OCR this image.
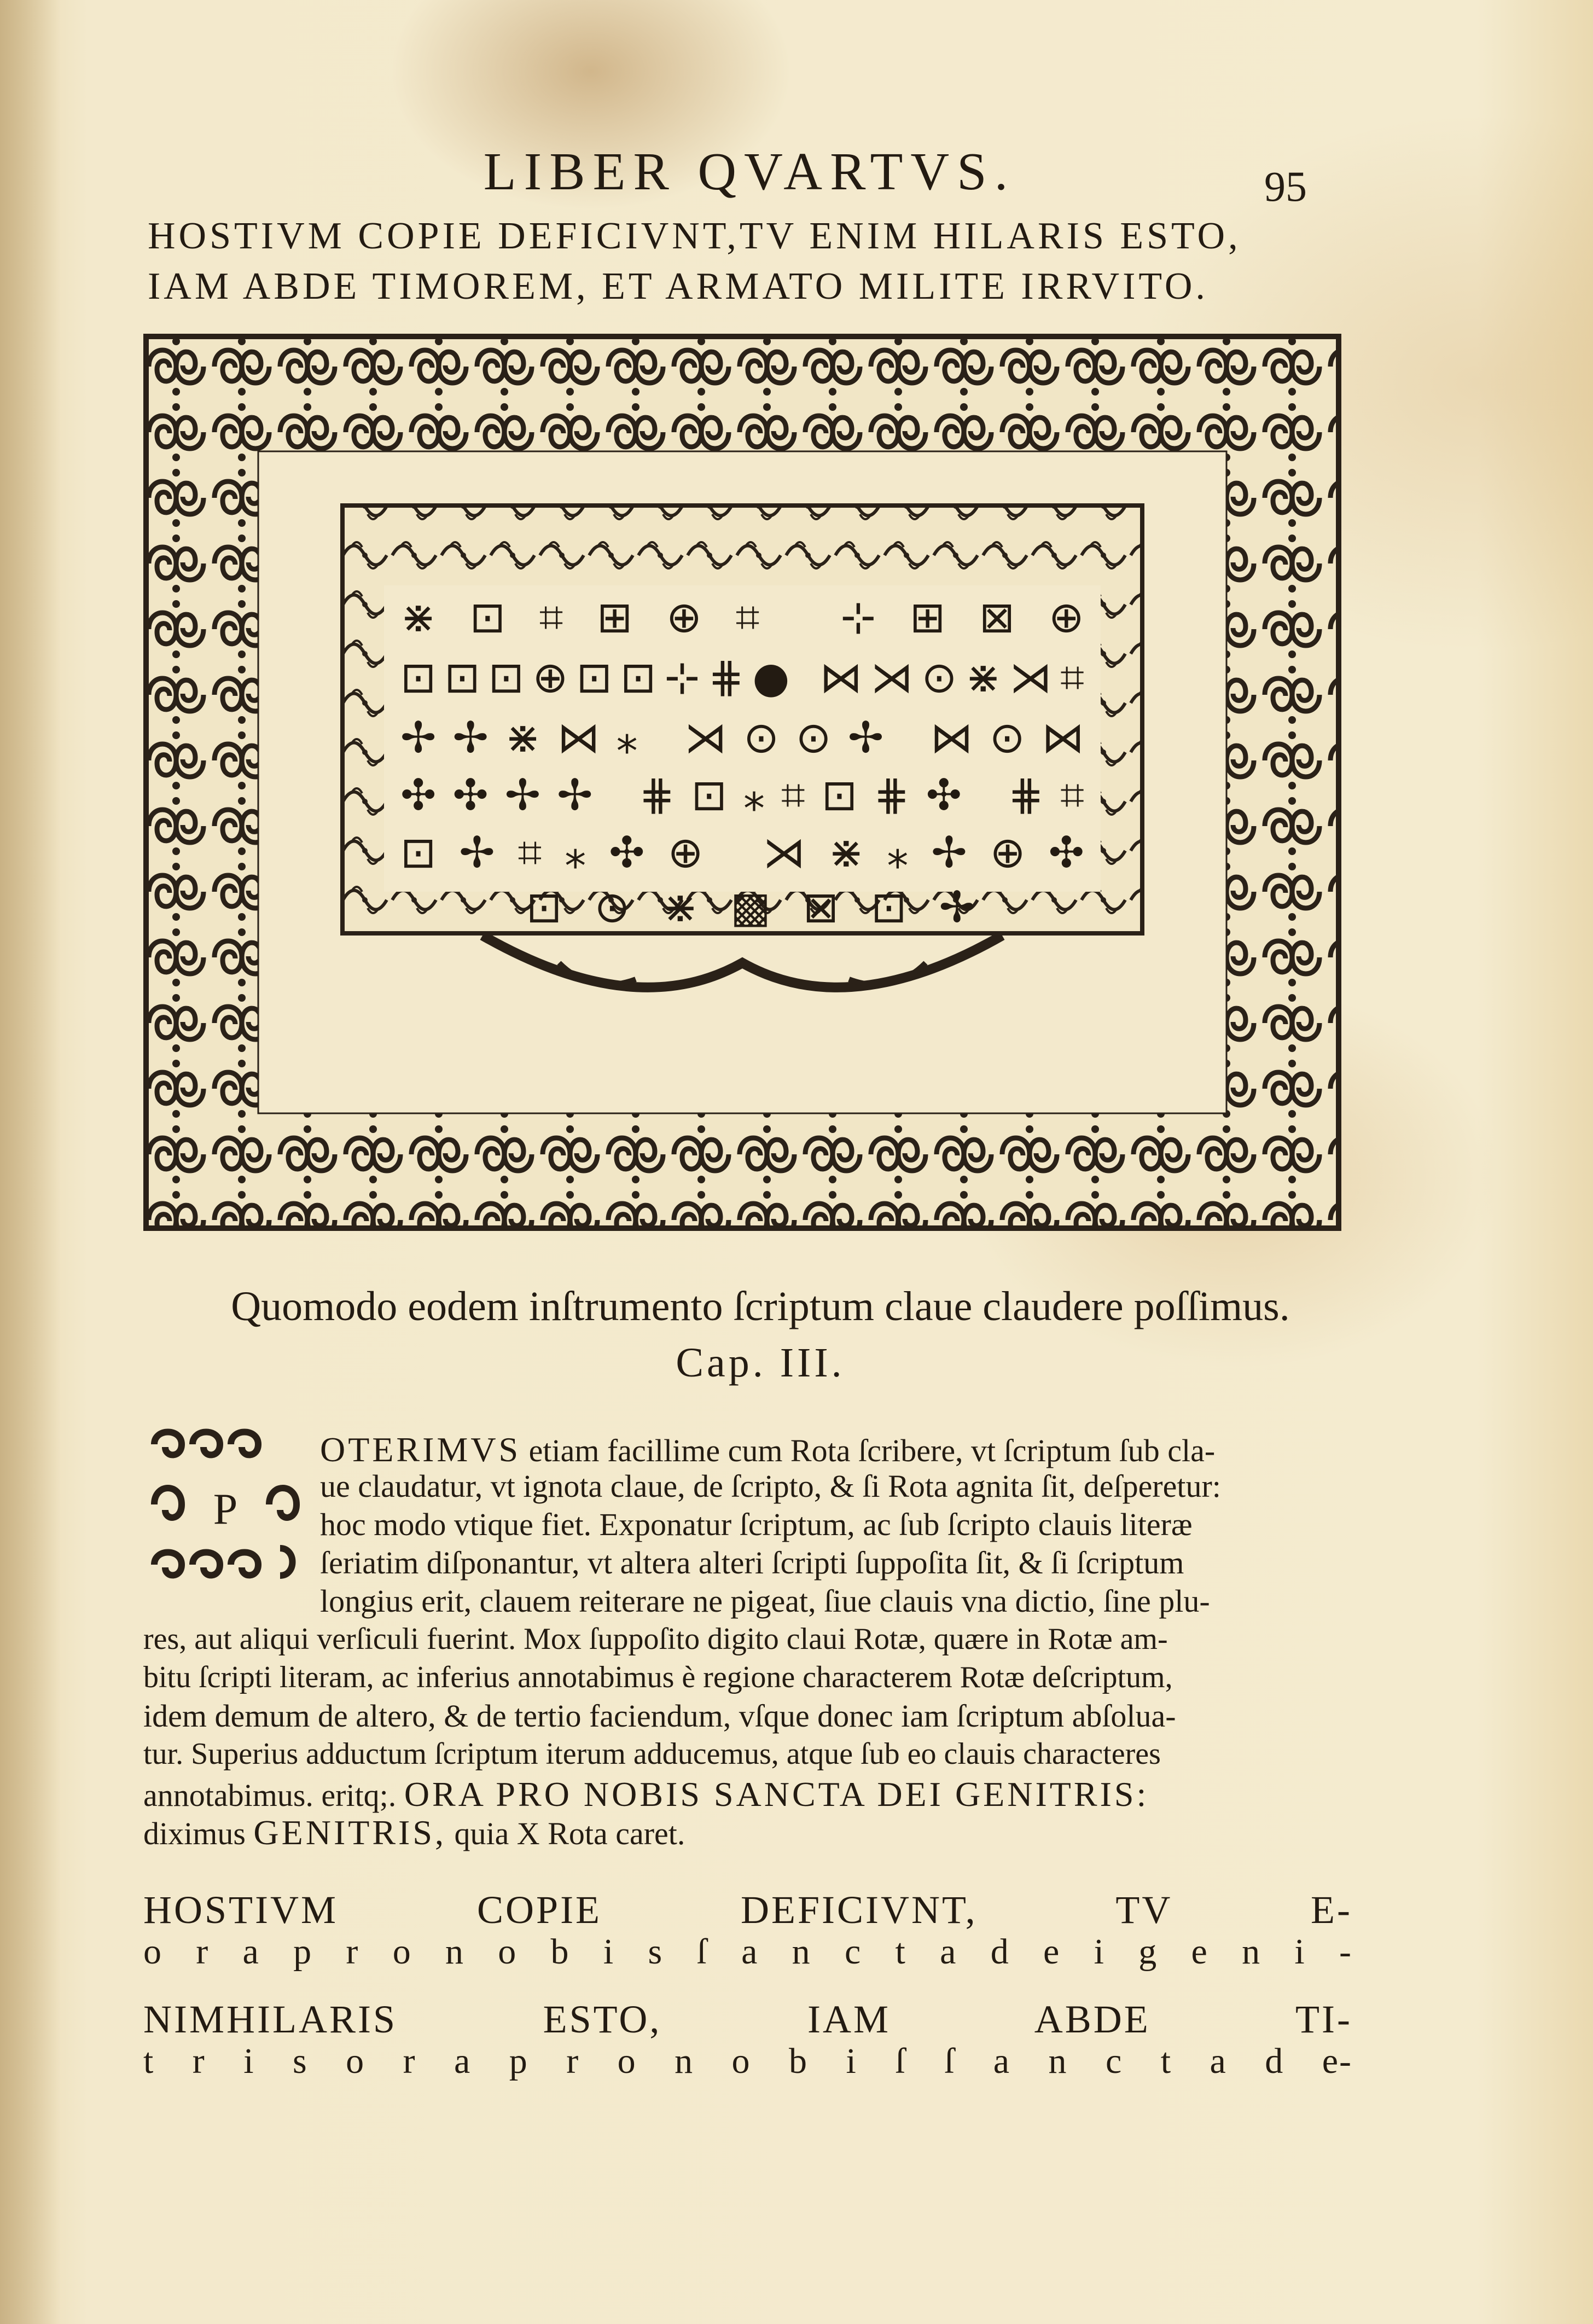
LIBER QVARTVS.	95
HOSTIVM COPIE DEFICIVNT,TV ENIM HILARIS ESTO,
IAM ABDE TIMOREM, ET ARMATO MILITE IRRVITO.
⋇⊡⌗⊞⊕⌗ ⊹⊞⊠⊕
⊡⊡⊡⊕⊡⊡⊹⋕● ⋈⋊⊙⋇⋊⌗
✢✢⋇⋈⁎ ⋊⊙⊙✢ ⋈⊙⋈
✣✣✢✢ ⋕⊡⁎⌗⊡⋕✣ ⋕⌗
⊡✢⌗⁎✣⊕ ⋊⋇⁎✢⊕✣
⊡⊙⋇▩⊠⊡✢
Quomodo eodem inſtrumento ſcriptum claue claudere poſſimus.
Cap. III.
P
OTERIMVS etiam facillime cum Rota ſcribere, vt ſcriptum ſub cla-
ue claudatur, vt ignota claue, de ſcripto, & ſi Rota agnita ſit, deſperetur:
hoc modo vtique fiet. Exponatur ſcriptum, ac ſub ſcripto clauis literæ
ſeriatim diſponantur, vt altera alteri ſcripti ſuppoſita ſit, & ſi ſcriptum
longius erit, clauem reiterare ne pigeat, ſiue clauis vna dictio, ſine plu-
res, aut aliqui verſiculi fuerint. Mox ſuppoſito digito claui Rotæ, quære in Rotæ am-
bitu ſcripti literam, ac inferius annotabimus è regione characterem Rotæ deſcriptum,
idem demum de altero, & de tertio faciendum, vſque donec iam ſcriptum abſolua-
tur. Superius adductum ſcriptum iterum adducemus, atque ſub eo clauis characteres
annotabimus. eritq;. ORA PRO NOBIS SANCTA DEI GENITRIS:
diximus GENITRIS, quia X Rota caret.
HOSTIVM COPIE DEFICIVNT, TV E-
o r a p r o n o b i s ſ a n c t a d e i g e n i -
NIMHILARIS ESTO, IAM ABDE TI-
t r i s o r a p r o n o b i ſ ſ a n c t a d e-
